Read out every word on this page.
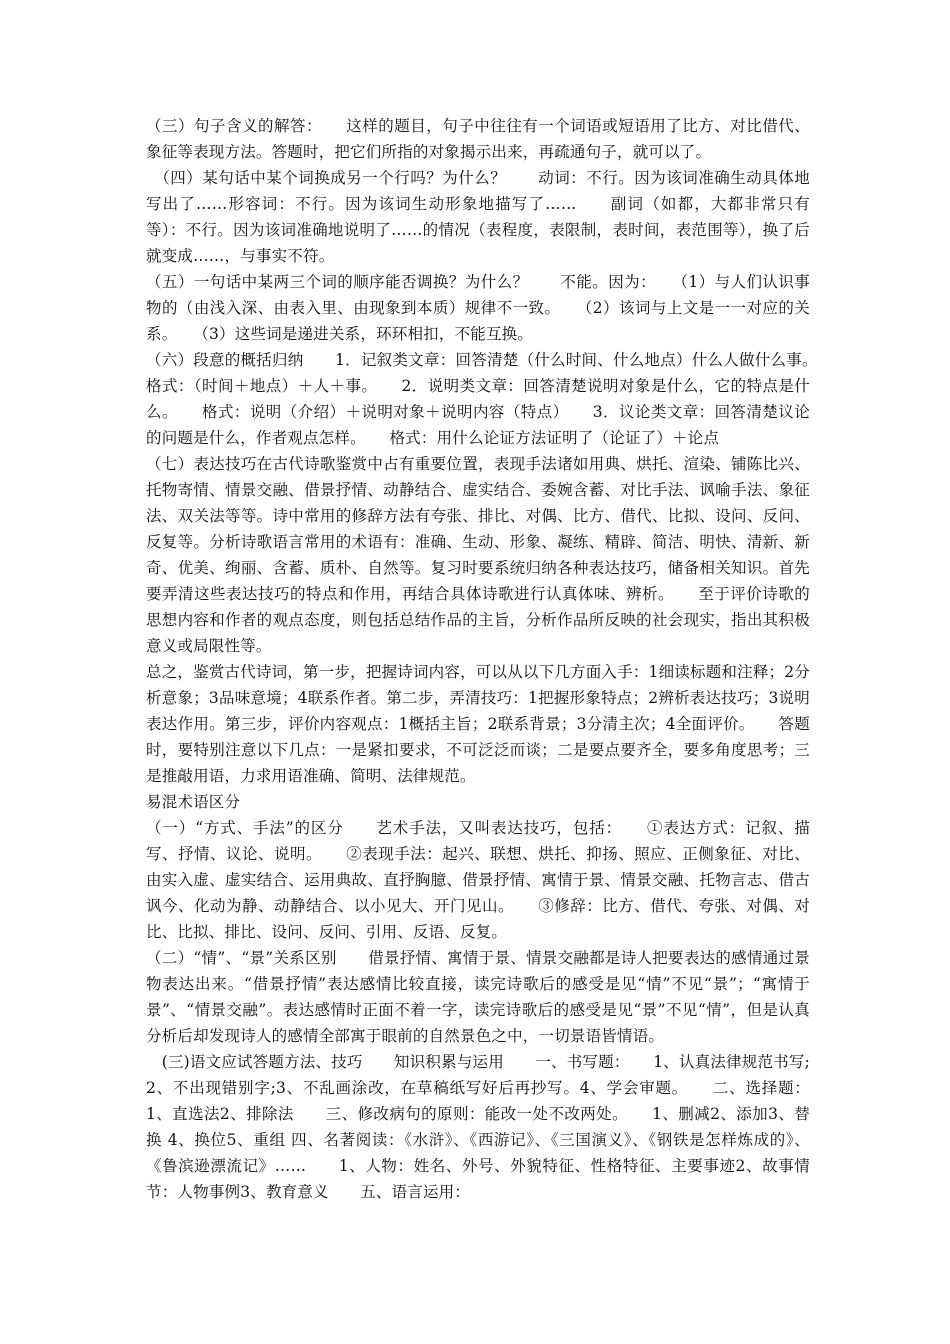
（三）句子含义的解答：　　这样的题目，句子中往往有一个词语或短语用了比方、对比借代、象征等表现方法。答题时，把它们所指的对象揭示出来，再疏通句子，就可以了。

　（四）某句话中某个词换成另一个行吗？为什么？　　动词：不行。因为该词准确生动具体地写出了……形容词：不行。因为该词生动形象地描写了……　　副词（如都，大都非常只有等）：不行。因为该词准确地说明了……的情况（表程度，表限制，表时间，表范围等），换了后就变成……，与事实不符。

（五）一句话中某两三个词的顺序能否调换？为什么？　　不能。因为：　　（1）与人们认识事物的（由浅入深、由表入里、由现象到本质）规律不一致。　　（2）该词与上文是一一对应的关系。　　（3）这些词是递进关系，环环相扣，不能互换。

（六）段意的概括归纳　　1．记叙类文章：回答清楚（什么时间、什么地点）什么人做什么事。　　格式：（时间＋地点）＋人＋事。　　2．说明类文章：回答清楚说明对象是什么，它的特点是什么。　　格式：说明（介绍）＋说明对象＋说明内容（特点）　　3．议论类文章：回答清楚议论的问题是什么，作者观点怎样。　　格式：用什么论证方法证明了（论证了）＋论点

（七）表达技巧在古代诗歌鉴赏中占有重要位置，表现手法诸如用典、烘托、渲染、铺陈比兴、托物寄情、情景交融、借景抒情、动静结合、虚实结合、委婉含蓄、对比手法、讽喻手法、象征法、双关法等等。诗中常用的修辞方法有夸张、排比、对偶、比方、借代、比拟、设问、反问、反复等。分析诗歌语言常用的术语有：准确、生动、形象、凝练、精辟、简洁、明快、清新、新奇、优美、绚丽、含蓄、质朴、自然等。复习时要系统归纳各种表达技巧，储备相关知识。首先要弄清这些表达技巧的特点和作用，再结合具体诗歌进行认真体味、辨析。　　至于评价诗歌的思想内容和作者的观点态度，则包括总结作品的主旨，分析作品所反映的社会现实，指出其积极意义或局限性等。

总之，鉴赏古代诗词，第一步，把握诗词内容，可以从以下几方面入手：1细读标题和注释；2分析意象；3品味意境；4联系作者。第二步，弄清技巧：1把握形象特点；2辨析表达技巧；3说明表达作用。第三步，评价内容观点：1概括主旨；2联系背景；3分清主次；4全面评价。　　答题时，要特别注意以下几点：一是紧扣要求，不可泛泛而谈；二是要点要齐全，要多角度思考；三是推敲用语，力求用语准确、简明、法律规范。

易混术语区分

（一）“方式、手法”的区分　　艺术手法，又叫表达技巧，包括：　　①表达方式：记叙、描写、抒情、议论、说明。　　②表现手法：起兴、联想、烘托、抑扬、照应、正侧象征、对比、由实入虚、虚实结合、运用典故、直抒胸臆、借景抒情、寓情于景、情景交融、托物言志、借古讽今、化动为静、动静结合、以小见大、开门见山。　　③修辞：比方、借代、夸张、对偶、对比、比拟、排比、设问、反问、引用、反语、反复。

（二）“情”、“景”关系区别　　借景抒情、寓情于景、情景交融都是诗人把要表达的感情通过景物表达出来。“借景抒情”表达感情比较直接，读完诗歌后的感受是见“情”不见“景”；“寓情于景”、“情景交融”。表达感情时正面不着一字，读完诗歌后的感受是见“景”不见“情”，但是认真分析后却发现诗人的感情全部寓于眼前的自然景色之中，一切景语皆情语。

　(三)语文应试答题方法、技巧　　知识积累与运用　　一、书写题：　　1、认真法律规范书写;2、不出现错别字;3、不乱画涂改，在草稿纸写好后再抄写。4、学会审题。　　二、选择题：1、直选法2、排除法　　三、修改病句的原则：能改一处不改两处。　　1、删减2、添加3、替换 4、换位5、重组 四、名著阅读：《水浒》、《西游记》、《三国演义》、《钢铁是怎样炼成的》、《鲁滨逊漂流记》……　　1、人物：姓名、外号、外貌特征、性格特征、主要事迹2、故事情节：人物事例3、教育意义　　五、语言运用：
